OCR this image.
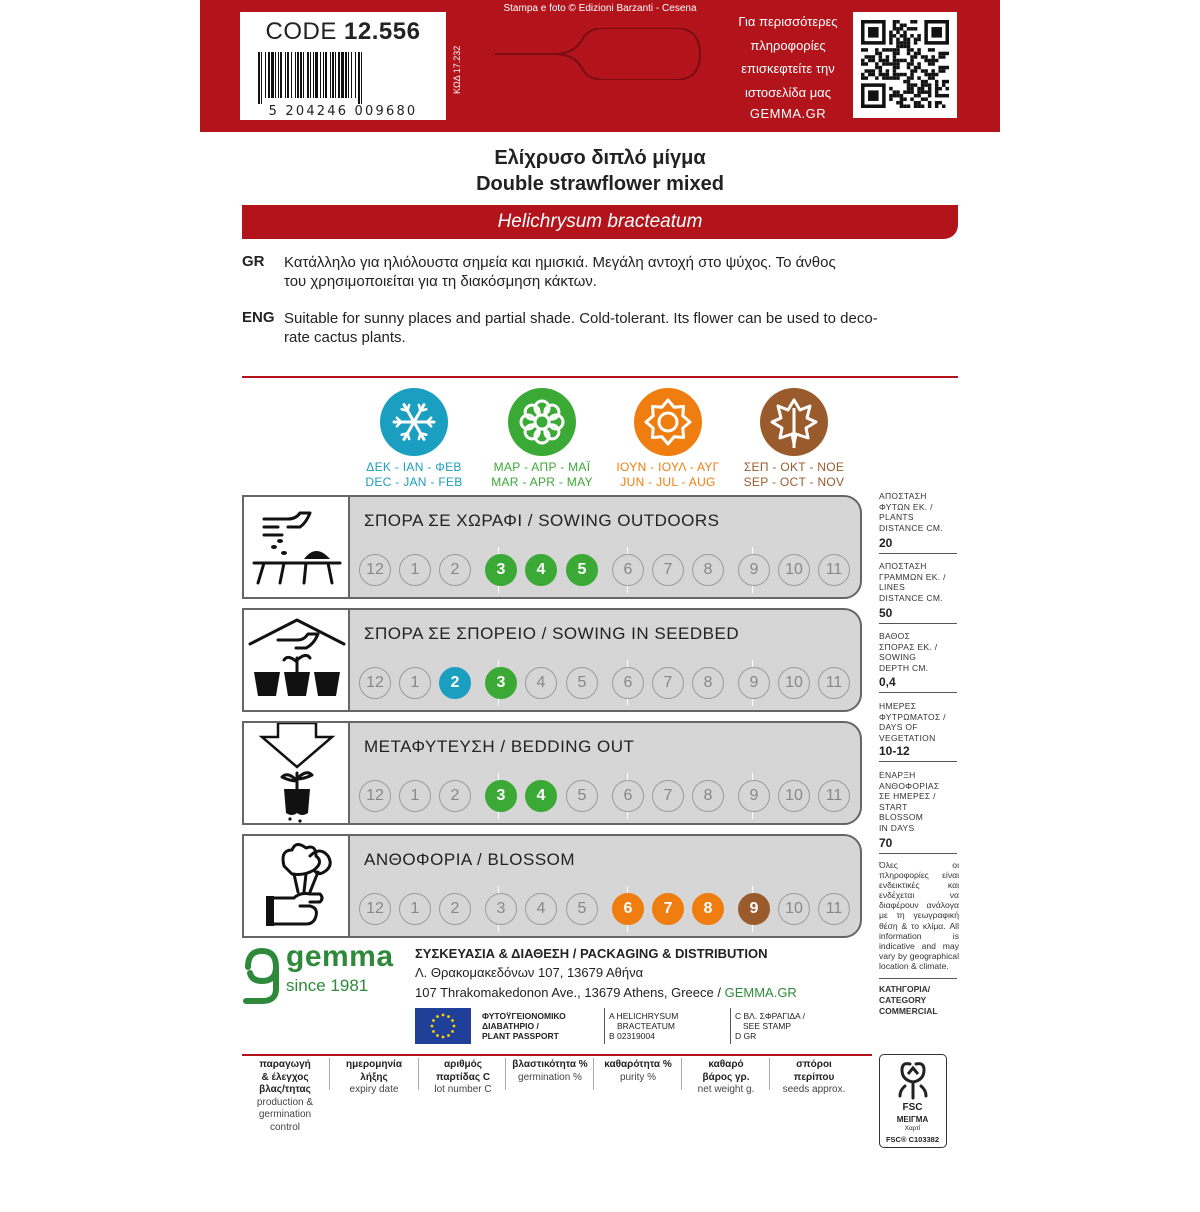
CODE 12.556
5 204246 009680
ΚΩΔ 17.232
Stampa e foto © Edizioni Barzanti - Cesena
Για περισσότερες
πληροφορίες
επισκεφτείτε την
ιστοσελίδα μας
GEMMA.GR
Ελίχρυσο διπλό μίγμα
Double strawflower mixed
Helichrysum bracteatum
GR Κατάλληλο για ηλιόλουστα σημεία και ημισκιά. Μεγάλη αντοχή στο ψύχος. Το άνθος
του χρησιμοποιείται για τη διακόσμηση κάκτων.
ENG Suitable for sunny places and partial shade. Cold-tolerant. Its flower can be used to deco-
rate cactus plants.
ΔΕΚ - ΙΑΝ - ΦΕΒ
DEC - JAN - FEB
ΜΑΡ - ΑΠΡ - ΜΑΪ
MAR - APR - MAY
ΙΟΥΝ - ΙΟΥΛ - ΑΥΓ
JUN - JUL - AUG
ΣΕΠ - ΟΚΤ - ΝΟΕ
SEP - OCT - NOV
ΣΠΟΡΑ ΣΕ ΧΩΡΑΦΙ / SOWING OUTDOORS
12	1	2	3	4	5	6	7	8	9	10	11
ΣΠΟΡΑ ΣΕ ΣΠΟΡΕΙΟ / SOWING IN SEEDBED
12	1	2	3	4	5	6	7	8	9	10	11
ΜΕΤΑΦΥΤΕΥΣΗ / BEDDING OUT
12	1	2	3	4	5	6	7	8	9	10	11
ΑΝΘΟΦΟΡΙΑ / BLOSSOM
12	1	2	3	4	5	6	7	8	9	10	11
ΑΠΟΣΤΑΣΗ
ΦΥΤΩΝ ΕΚ. /
PLANTS
DISTANCE CM.
20
ΑΠΟΣΤΑΣΗ
ΓΡΑΜΜΩΝ ΕΚ. /
LINES
DISTANCE CM.
50
ΒΑΘΟΣ
ΣΠΟΡΑΣ ΕΚ. /
SOWING
DEPTH CM.
0,4
ΗΜΕΡΕΣ
ΦΥΤΡΩΜΑΤΟΣ /
DAYS OF
VEGETATION
10-12
ΕΝΑΡΞΗ
ΑΝΘΟΦΟΡΙΑΣ
ΣΕ ΗΜΕΡΕΣ /
START
BLOSSOM
IN DAYS
70
Όλες οι πληροφορίες είναι ενδεικτικές και ενδέχεται να διαφέρουν ανάλογα με τη γεωγραφική θέση & το κλίμα. All information is indicative and may vary by geographical location & climate.
ΚΑΤΗΓΟΡΙΑ/
CATEGORY
COMMERCIAL
gemma
since 1981
ΣΥΣΚΕΥΑΣΙΑ & ΔΙΑΘΕΣΗ / PACKAGING & DISTRIBUTION
Λ. Θρακομακεδόνων 107, 13679 Αθήνα
107 Thrakomakedonon Ave., 13679 Athens, Greece / GEMMA.GR
ΦΥΤΟΫΓΕΙΟΝΟΜΙΚΟ
ΔΙΑΒΑΤΗΡΙΟ /
PLANT PASSPORT
A HELICHRYSUM
BRACTEATUM
B 02319004
C ΒΛ. ΣΦΡΑΓΙΔΑ /
SEE STAMP
D GR
παραγωγή
& έλεγχος
βλας/τητας
production &
germination
control
ημερομηνία
λήξης
expiry date
αριθμός
παρτίδας C
lot number C
βλαστικότητα %
germination %
καθαρότητα %
purity %
καθαρό
βάρος γρ.
net weight g.
σπόροι
περίπου
seeds approx.
FSC
ΜΕΙΓΜΑ
Χαρτί
FSC® C103382
